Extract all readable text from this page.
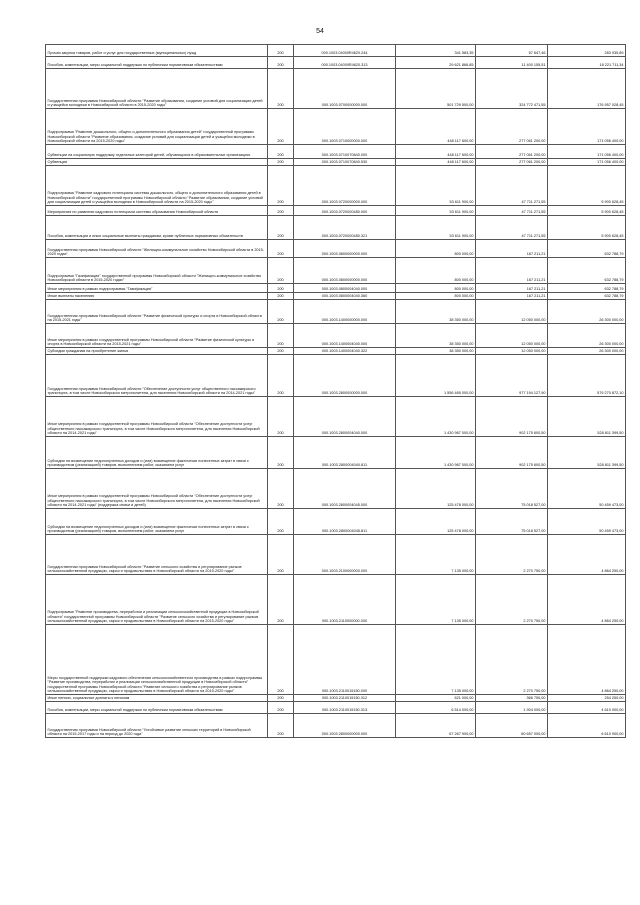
54
Прочая закупка товаров, работ и услуг для государственных (муниципальных) нужд	200	000.1003.04000R4620.244	341 583,35	57 647,46	283 935,89
Пособия, компенсации, меры социальной поддержки по публичным нормативным обязательствам	200	000.1003.04000R4620.313	29 621 866,85	11 400 155,51	18 221 711,34
Государственная программа Новосибирской области "Развитие образования, создание условий для социализации детей и учащейся молодежи в Новосибирской области в 2015-2020 годы"	200	000.1003.0700000000.000	501 729 500,00	324 772 471,55	176 957 028,45
Подпрограмма "Развитие дошкольного, общего и дополнительного образования детей" государственной программы Новосибирской области "Развитие образования, создание условий для социализации детей и учащейся молодежи в Новосибирской области на 2015-2020 годы"	200	000.1003.0710000000.000	448 117 600,00	277 061 200,00	171 056 400,00
Субвенции на социальную поддержку отдельных категорий детей, обучающихся в образовательных организациях	200	000.1003.0710070840.000	448 117 600,00	277 061 200,00	171 056 400,00
Субвенции	200	000.1003.0710070840.530	448 117 600,00	277 061 200,00	171 056 400,00
Подпрограмма "Развитие кадрового потенциала системы дошкольного, общего и дополнительного образования детей в Новосибирской области" государственной программы Новосибирской области "Развитие образования, создание условий для социализации детей и учащейся молодежи в Новосибирской области на 2015-2020 годы"	200	000.1003.0720000000.000	53 611 900,00	47 711 271,55	5 900 628,45
Мероприятия по развитию кадрового потенциала системы образования Новосибирской области	200	000.1003.0720000480.000	53 611 900,00	47 711 271,55	5 900 628,45
Пособия, компенсации и иные социальные выплаты гражданам, кроме публичных нормативных обязательств	200	000.1003.0720000480.321	53 611 900,00	47 711 271,55	5 900 628,45
Государственная программа Новосибирской области "Жилищно-коммунальное хозяйство Новосибирской области в 2015-2020 годах"	200	000.1003.0800000000.000	800 000,00	167 211,21	632 788,79
Подпрограмма "Газификация" государственной программы Новосибирской области "Жилищно-коммунальное хозяйство Новосибирской области в 2015-2020 годах"	200	000.1003.0800000000.000	800 000,00	167 211,21	632 788,79
Иные мероприятия в рамках подпрограммы "Газификация"	200	000.1003.0800004040.000	800 000,00	167 211,21	632 788,79
Иные выплаты населению	200	000.1003.0800004040.360	800 000,00	167 211,21	632 788,79
Государственная программа Новосибирской области "Развитие физической культуры и спорта в Новосибирской области на 2015-2021 годы"	200	000.1003.1400000000.000	38 350 000,00	12 050 000,00	26 300 000,00
Иные мероприятия в рамках государственной программы Новосибирской области "Развитие физической культуры и спорта в Новосибирской области на 2015-2021 годы"	200	000.1003.1400004040.000	38 350 000,00	12 050 000,00	26 300 000,00
Субсидии гражданам на приобретение жилья	200	000.1003.1400004040.322	38 350 000,00	12 050 000,00	26 300 000,00
Государственная программа Новосибирской области "Обеспечение доступности услуг общественного пассажирского транспорта, в том числе Новосибирского метрополитена, для населения Новосибирской области на 2014-2021 годы"	200	000.1003.2800000000.000	1 556 465 000,00	977 194 127,90	579 270 872,10
Иные мероприятия в рамках государственной программы Новосибирской области "Обеспечение доступности услуг общественного пассажирского транспорта, в том числе Новосибирского метрополитена, для населения Новосибирской области на 2014-2021 годы"	200	000.1003.2800004040.000	1 430 987 000,00	902 175 600,50	528 811 399,50
Субсидии на возмещение недополученных доходов и (или) возмещение фактически понесенных затрат в связи с производством (реализацией) товаров, выполнением работ, оказанием услуг	200	000.1003.2800004040.811	1 430 987 000,00	902 175 600,50	528 811 399,50
Иные мероприятия в рамках государственной программы Новосибирской области "Обеспечение доступности услуг общественного пассажирского транспорта, в том числе Новосибирского метрополитена, для населения Новосибирской области на 2014-2021 годы" (поддержка семьи и детей)	200	000.1003.2800004045.000	125 478 000,00	75 018 527,00	50 459 473,00
Субсидии на возмещение недополученных доходов и (или) возмещение фактически понесенных затрат в связи с производством (реализацией) товаров, выполнением работ, оказанием услуг	200	000.1003.2800004045.811	125 478 000,00	75 018 527,00	50 459 473,00
Государственная программа Новосибирской области "Развитие сельского хозяйства и регулирование рынков сельскохозяйственной продукции, сырья и продовольствия в Новосибирской области на 2015-2020 годы"	200	000.1003.2100000000.000	7 135 000,00	2 270 750,00	4 864 250,00
Подпрограмма "Развитие производства, переработки и реализации сельскохозяйственной продукции в Новосибирской области" государственной программы Новосибирской области "Развитие сельского хозяйства и регулирование рынков сельскохозяйственной продукции, сырья и продовольствия в Новосибирской области на 2015-2020 годы"	200	000.1003.2110000000.000	7 135 000,00	2 270 750,00	4 864 250,00
Меры государственной поддержки кадрового обеспечения сельскохозяйственного производства в рамках подпрограммы "Развитие производства, переработки и реализации сельскохозяйственной продукции в Новосибирской области" государственной программы Новосибирской области "Развитие сельского хозяйства и регулирование рынков сельскохозяйственной продукции, сырья и продовольствия в Новосибирской области на 2015-2020 годы"	200	000.1003.2110015150.000	7 135 000,00	2 270 750,00	4 864 250,00
Иные пенсии, социальные доплаты к пенсиям	200	000.1003.2110015150.312	621 000,00	366 750,00	254 250,00
Пособия, компенсации, меры социальной поддержки по публичным нормативным обязательствам	200	000.1003.2110015150.313	6 514 000,00	1 904 000,00	4 610 000,00
Государственная программа Новосибирской области "Устойчивое развитие сельских территорий в Новосибирской области на 2015-2017 годы и на период до 2020 года"	200	000.1003.2800000000.000	67 267 900,00	60 657 000,00	6 610 900,00
